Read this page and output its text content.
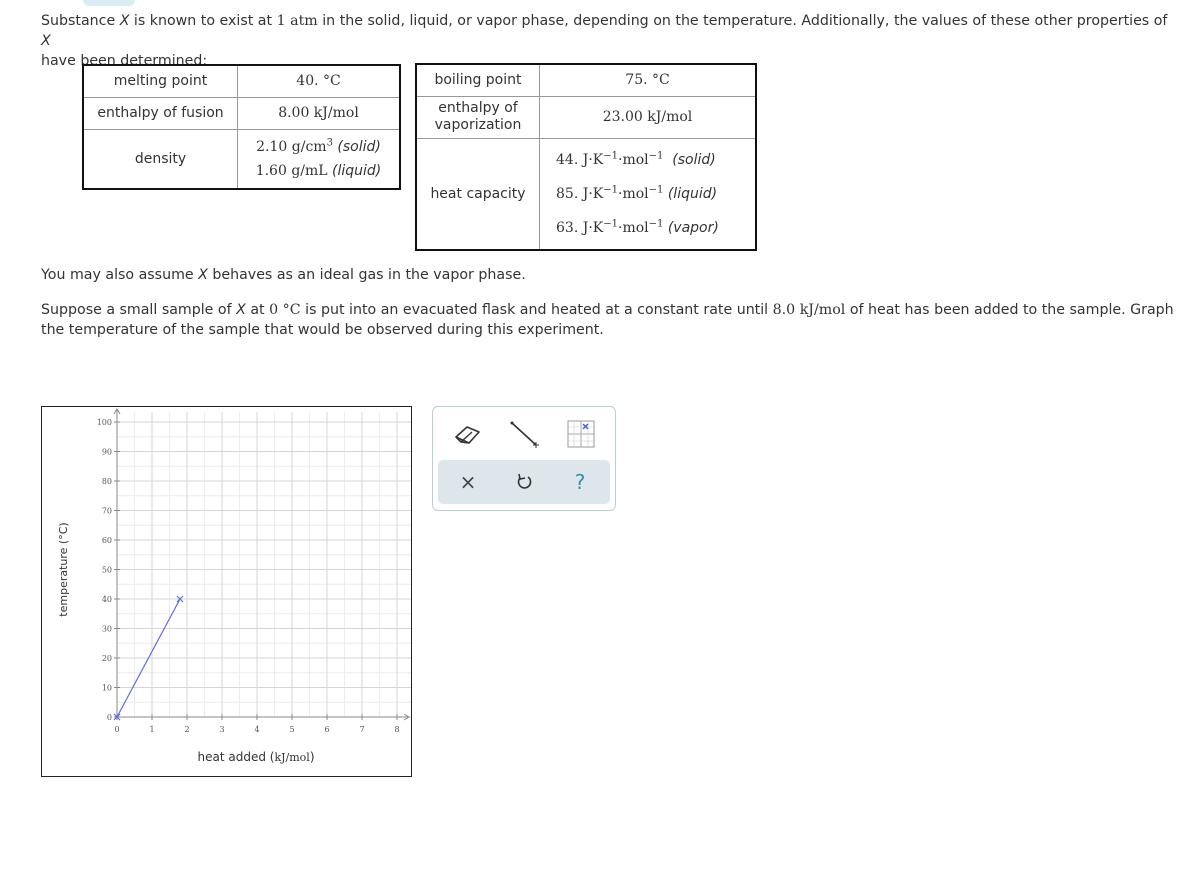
Substance X is known to exist at 1 atm in the solid, liquid, or vapor phase, depending on the temperature. Additionally, the values of these other properties of X
have been determined:
melting point	40. °C
enthalpy of fusion	8.00 kJ/mol
density	2.10 $g/cm^3$ (solid)
1.60 g/mL (liquid)
boiling point	75. °C
enthalpy of vaporization	23.00 kJ/mol
heat capacity	44. $J\cdot K^{-1}\cdot mol^{-1}$ (solid)
85. $J\cdot K^{-1}\cdot mol^{-1}$ (liquid)
63. $J\cdot K^{-1}\cdot mol^{-1}$ (vapor)
You may also assume X behaves as an ideal gas in the vapor phase.
Suppose a small sample of X at 0 °C is put into an evacuated flask and heated at a constant rate until 8.0 kJ/mol of heat has been added to the sample. Graph the temperature of the sample that would be observed during this experiment.
0	1	2	3	4	5	6	7	8
0
10
20
30
40
50
60
70
80
90
100
temperature (°C)
heat added (kJ/mol)
×	?
